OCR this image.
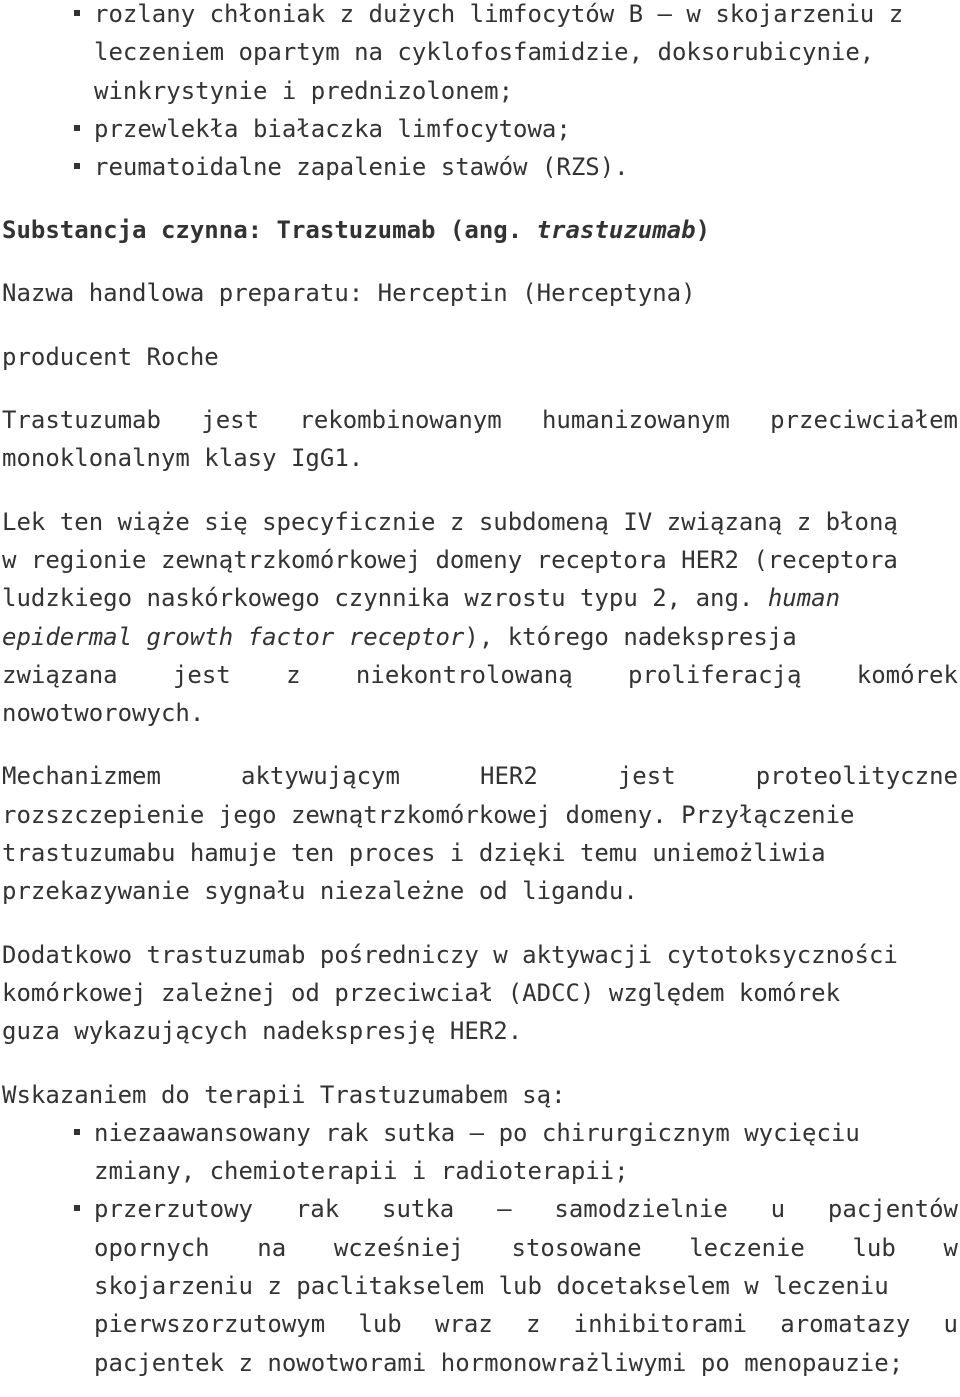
rozlany chłoniak z dużych limfocytów B – w skojarzeniu z
leczeniem opartym na cyklofosfamidzie, doksorubicynie,
winkrystynie i prednizolonem;
przewlekła białaczka limfocytowa;
reumatoidalne zapalenie stawów (RZS).
Substancja czynna: Trastuzumab (ang. trastuzumab)
Nazwa handlowa preparatu: Herceptin (Herceptyna)
producent Roche
Trastuzumab jest rekombinowanym humanizowanym przeciwciałem
monoklonalnym klasy IgG1.
Lek ten wiąże się specyficznie z subdomeną IV związaną z błoną
w regionie zewnątrzkomórkowej domeny receptora HER2 (receptora
ludzkiego naskórkowego czynnika wzrostu typu 2, ang. human
epidermal growth factor receptor), którego nadekspresja
związana jest z niekontrolowaną proliferacją komórek
nowotworowych.
Mechanizmem	aktywującym	HER2	jest	proteolityczne
rozszczepienie jego zewnątrzkomórkowej domeny. Przyłączenie
trastuzumabu hamuje ten proces i dzięki temu uniemożliwia
przekazywanie sygnału niezależne od ligandu.
Dodatkowo trastuzumab pośredniczy w aktywacji cytotoksyczności
komórkowej zależnej od przeciwciał (ADCC) względem komórek
guza wykazujących nadekspresję HER2.
Wskazaniem do terapii Trastuzumabem są:
niezaawansowany rak sutka – po chirurgicznym wycięciu
zmiany, chemioterapii i radioterapii;
przerzutowy rak sutka – samodzielnie u pacjentów
opornych na wcześniej stosowane leczenie lub w
skojarzeniu z paclitakselem lub docetakselem w leczeniu
pierwszorzutowym lub wraz z inhibitorami aromatazy u
pacjentek z nowotworami hormonowrażliwymi po menopauzie;
